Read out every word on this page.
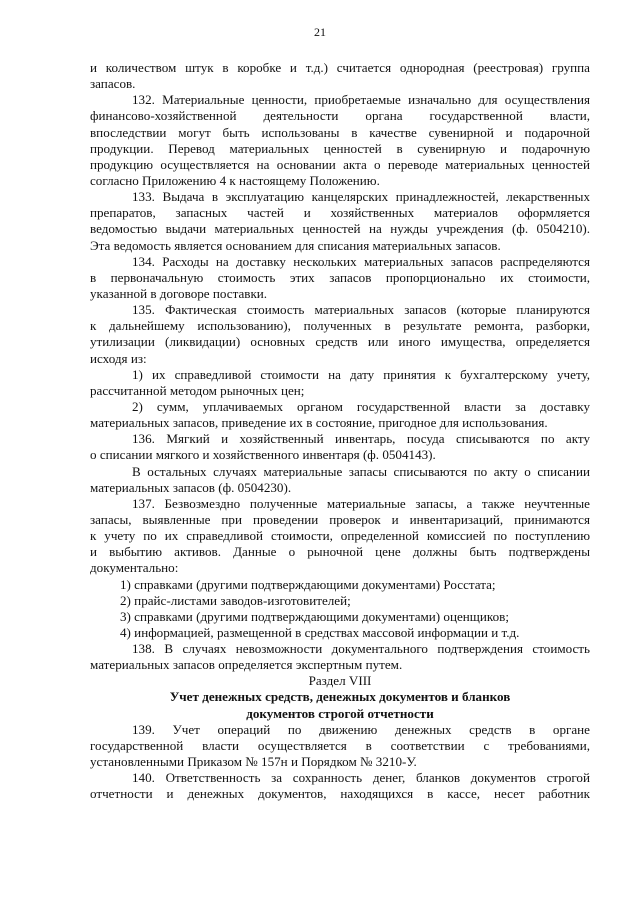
21
и количеством штук в коробке и т.д.) считается однородная (реестровая) группа
запасов.
132. Материальные ценности, приобретаемые изначально для осуществления
финансово-хозяйственной деятельности органа государственной власти,
впоследствии могут быть использованы в качестве сувенирной и подарочной
продукции. Перевод материальных ценностей в сувенирную и подарочную
продукцию осуществляется на основании акта о переводе материальных ценностей
согласно Приложению 4 к настоящему Положению.
133. Выдача в эксплуатацию канцелярских принадлежностей, лекарственных
препаратов, запасных частей и хозяйственных материалов оформляется
ведомостью выдачи материальных ценностей на нужды учреждения (ф. 0504210).
Эта ведомость является основанием для списания материальных запасов.
134. Расходы на доставку нескольких материальных запасов распределяются
в первоначальную стоимость этих запасов пропорционально их стоимости,
указанной в договоре поставки.
135. Фактическая стоимость материальных запасов (которые планируются
к дальнейшему использованию), полученных в результате ремонта, разборки,
утилизации (ликвидации) основных средств или иного имущества, определяется
исходя из:
1) их справедливой стоимости на дату принятия к бухгалтерскому учету,
рассчитанной методом рыночных цен;
2) сумм, уплачиваемых органом государственной власти за доставку
материальных запасов, приведение их в состояние, пригодное для использования.
136. Мягкий и хозяйственный инвентарь, посуда списываются по акту
о списании мягкого и хозяйственного инвентаря (ф. 0504143).
В остальных случаях материальные запасы списываются по акту о списании
материальных запасов (ф. 0504230).
137. Безвозмездно полученные материальные запасы, а также неучтенные
запасы, выявленные при проведении проверок и инвентаризаций, принимаются
к учету по их справедливой стоимости, определенной комиссией по поступлению
и выбытию активов. Данные о рыночной цене должны быть подтверждены
документально:
1) справками (другими подтверждающими документами) Росстата;
2) прайс-листами заводов-изготовителей;
3) справками (другими подтверждающими документами) оценщиков;
4) информацией, размещенной в средствах массовой информации и т.д.
138. В случаях невозможности документального подтверждения стоимость
материальных запасов определяется экспертным путем.
Раздел VIII
Учет денежных средств, денежных документов и бланков
документов строгой отчетности
139. Учет операций по движению денежных средств в органе
государственной власти осуществляется в соответствии с требованиями,
установленными Приказом № 157н и Порядком № 3210-У.
140. Ответственность за сохранность денег, бланков документов строгой
отчетности и денежных документов, находящихся в кассе, несет работник
